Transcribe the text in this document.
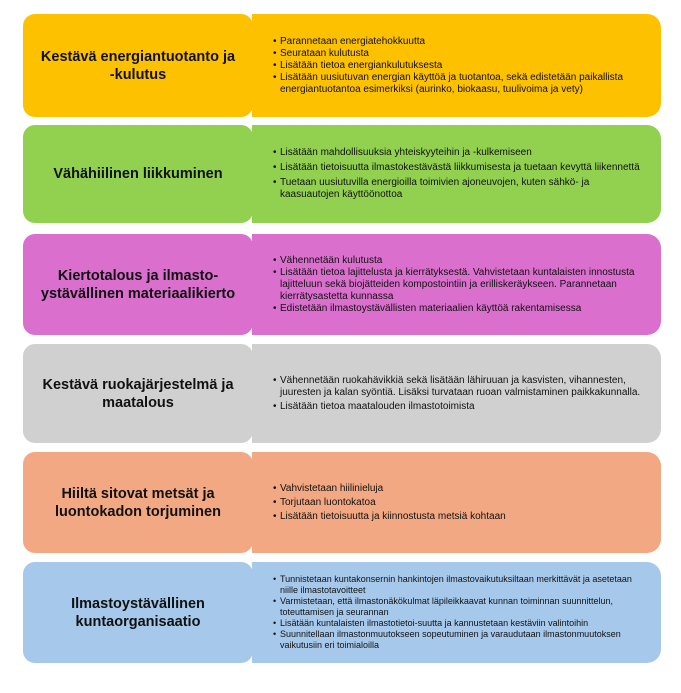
Kestävä energiantuotanto ja -kulutus
• Parannetaan energiatehokkuutta
• Seurataan kulutusta
• Lisätään tietoa energiankulutuksesta
• Lisätään uusiutuvan energian käyttöä ja tuotantoa, sekä edistetään paikallista energiantuotantoa esimerkiksi (aurinko, biokaasu, tuulivoima ja vety)
Vähähiilinen liikkuminen
• Lisätään mahdollisuuksia yhteiskyyteihin ja -kulkemiseen
• Lisätään tietoisuutta ilmastokestävästä liikkumisesta ja tuetaan kevyttä liikennettä
• Tuetaan uusiutuvilla energioilla toimivien ajoneuvojen, kuten sähkö- ja kaasuautojen käyttöönottoa
Kiertotalous ja ilmasto-ystävällinen materiaalikierto
• Vähennetään kulutusta
• Lisätään tietoa lajittelusta ja kierrätyksestä. Vahvistetaan kuntalaisten innostusta lajitteluun sekä biojätteiden kompostointiin ja erilliskeräykseen. Parannetaan kierrätysastetta kunnassa
• Edistetään ilmastoystävällisten materiaalien käyttöä rakentamisessa
Kestävä ruokajärjestelmä ja maatalous
• Vähennetään ruokahävikkiä sekä lisätään lähiruuan ja kasvisten, vihannesten, juuresten ja kalan syöntiä. Lisäksi turvataan ruoan valmistaminen paikkakunnalla.
• Lisätään tietoa maatalouden ilmastotoimista
Hiiltä sitovat metsät ja luontokadon torjuminen
• Vahvistetaan hiilinieluja
• Torjutaan luontokatoa
• Lisätään tietoisuutta ja kiinnostusta metsiä kohtaan
Ilmastoystävällinen kuntaorganisaatio
• Tunnistetaan kuntakonsernin hankintojen ilmastovaikutuksiltaan merkittävät ja asetetaan niille ilmastotavoitteet
• Varmistetaan, että ilmastonäkökulmat läpileikkaavat kunnan toiminnan suunnittelun, toteuttamisen ja seurannan
• Lisätään kuntalaisten ilmastotietoi-suutta ja kannustetaan kestäviin valintoihin
• Suunnitellaan ilmastonmuutokseen sopeutuminen ja varaudutaan ilmastonmuutoksen vaikutusiin eri toimialoilla
